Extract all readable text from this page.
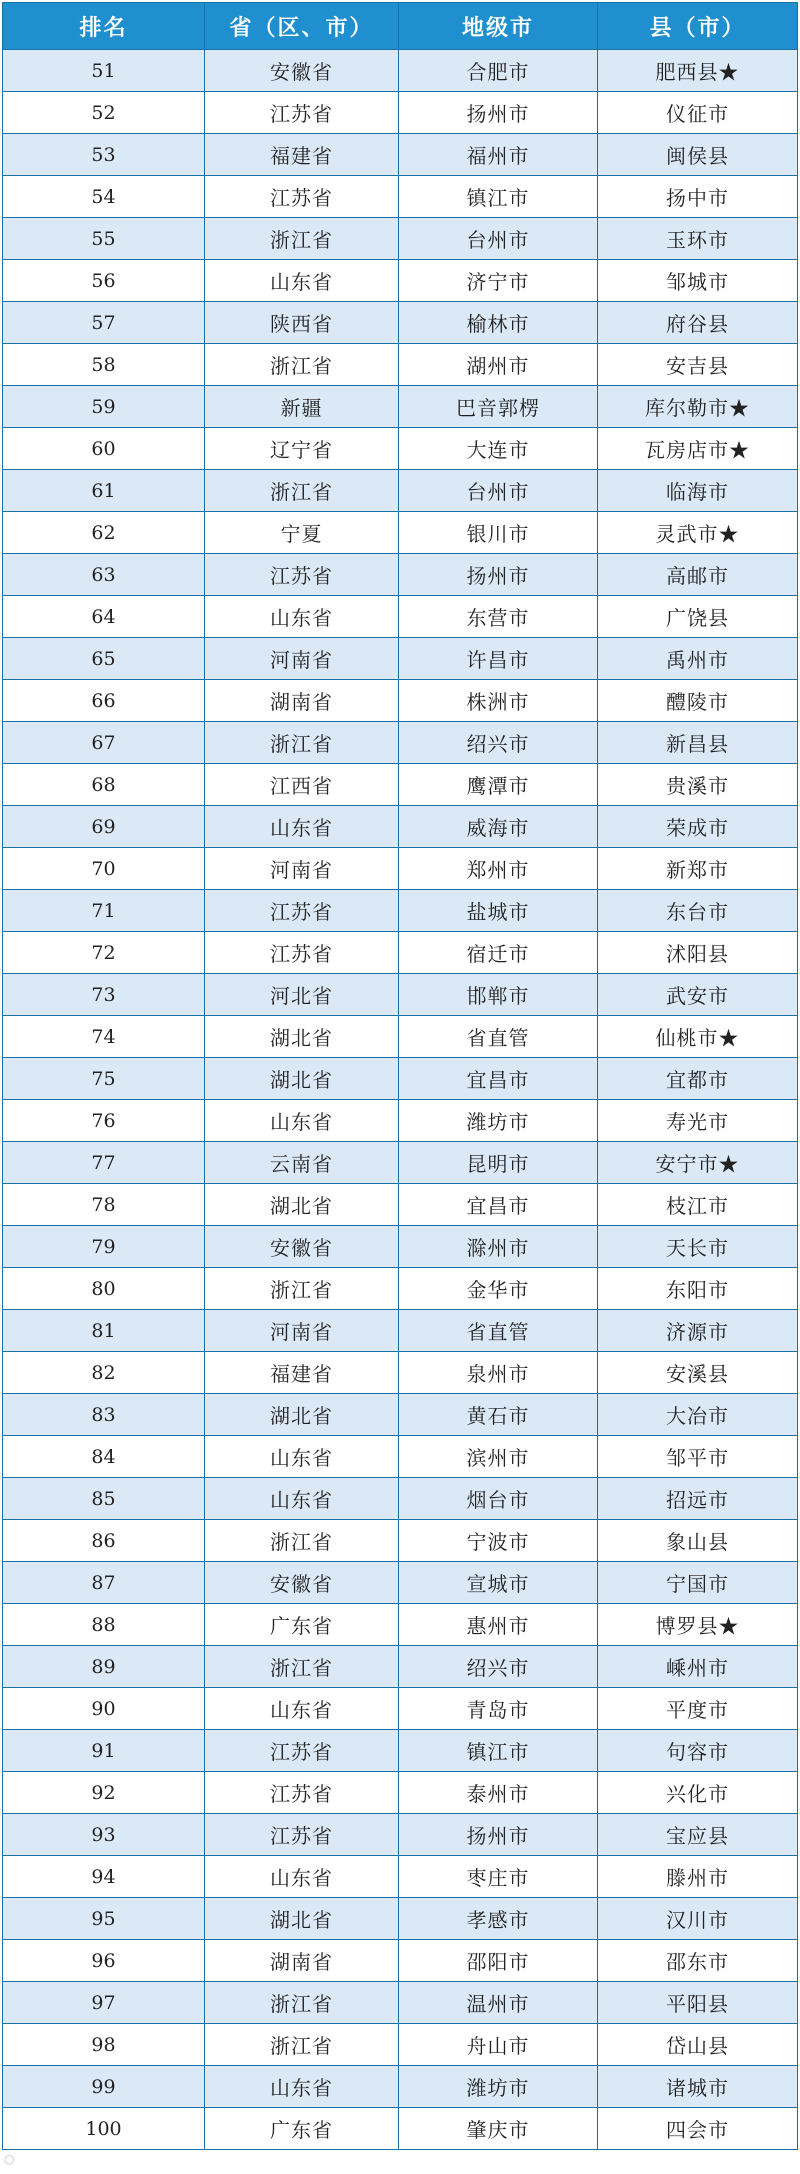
排名	省（区、市）	地级市	县（市）
51	安徽省	合肥市	肥西县★
52	江苏省	扬州市	仪征市
53	福建省	福州市	闽侯县
54	江苏省	镇江市	扬中市
55	浙江省	台州市	玉环市
56	山东省	济宁市	邹城市
57	陕西省	榆林市	府谷县
58	浙江省	湖州市	安吉县
59	新疆	巴音郭楞	库尔勒市★
60	辽宁省	大连市	瓦房店市★
61	浙江省	台州市	临海市
62	宁夏	银川市	灵武市★
63	江苏省	扬州市	高邮市
64	山东省	东营市	广饶县
65	河南省	许昌市	禹州市
66	湖南省	株洲市	醴陵市
67	浙江省	绍兴市	新昌县
68	江西省	鹰潭市	贵溪市
69	山东省	威海市	荣成市
70	河南省	郑州市	新郑市
71	江苏省	盐城市	东台市
72	江苏省	宿迁市	沭阳县
73	河北省	邯郸市	武安市
74	湖北省	省直管	仙桃市★
75	湖北省	宜昌市	宜都市
76	山东省	潍坊市	寿光市
77	云南省	昆明市	安宁市★
78	湖北省	宜昌市	枝江市
79	安徽省	滁州市	天长市
80	浙江省	金华市	东阳市
81	河南省	省直管	济源市
82	福建省	泉州市	安溪县
83	湖北省	黄石市	大冶市
84	山东省	滨州市	邹平市
85	山东省	烟台市	招远市
86	浙江省	宁波市	象山县
87	安徽省	宣城市	宁国市
88	广东省	惠州市	博罗县★
89	浙江省	绍兴市	嵊州市
90	山东省	青岛市	平度市
91	江苏省	镇江市	句容市
92	江苏省	泰州市	兴化市
93	江苏省	扬州市	宝应县
94	山东省	枣庄市	滕州市
95	湖北省	孝感市	汉川市
96	湖南省	邵阳市	邵东市
97	浙江省	温州市	平阳县
98	浙江省	舟山市	岱山县
99	山东省	潍坊市	诸城市
100	广东省	肇庆市	四会市
○
